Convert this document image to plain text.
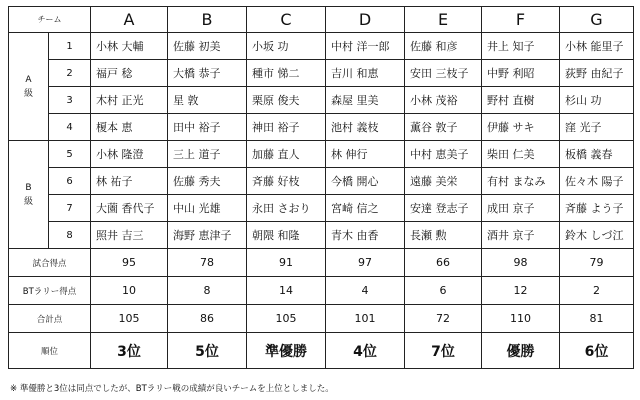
チーム		A	B	C	D	E	F	G

A
級	1	小林 大輔	佐藤 初美	小坂 功	中村 洋一郎	佐藤 和彦	井上 知子	小林 能里子
	2	福戸 稔	大橋 恭子	種市 悌二	吉川 和恵	安田 三枝子	中野 利昭	荻野 由紀子
	3	木村 正光	星 敦	栗原 俊夫	森屋 里美	小林 茂裕	野村 直樹	杉山 功
	4	榎本 恵	田中 裕子	神田 裕子	池村 義枝	薫谷 敦子	伊藤 サキ	窪 光子

B
級	5	小林 隆澄	三上 道子	加藤 直人	林 伸行	中村 恵美子	柴田 仁美	板橋 義春
	6	林 祐子	佐藤 秀夫	斉藤 好枝	今橋 開心	遠藤 美栄	有村 まなみ	佐々木 陽子
	7	大薗 香代子	中山 光雄	永田 さおり	宮崎 信之	安達 登志子	成田 京子	斉藤 よう子
	8	照井 吉三	海野 恵津子	朝隈 和隆	青木 由香	長瀬 勲	酒井 京子	鈴木 しづ江
試合得点		95	78	91	97	66	98	79
BTラリー得点		10	8	14	4	6	12	2
合計点		105	86	105	101	72	110	81
順位		3位	5位	準優勝	4位	7位	優勝	6位
※ 準優勝と3位は同点でしたが、BTラリー戦の成績が良いチームを上位としました。
